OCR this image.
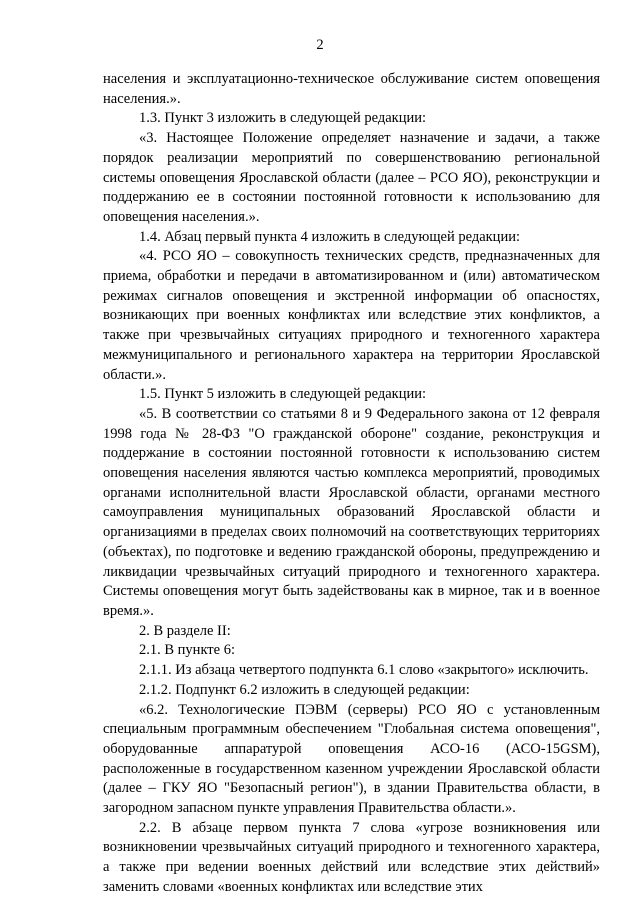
2

населения и эксплуатационно-техническое обслуживание систем оповещения населения.».

1.3. Пункт 3 изложить в следующей редакции:

«3. Настоящее Положение определяет назначение и задачи, а также порядок реализации мероприятий по совершенствованию региональной системы оповещения Ярославской области (далее – РСО ЯО), реконструкции и поддержанию ее в состоянии постоянной готовности к использованию для оповещения населения.».

1.4. Абзац первый пункта 4 изложить в следующей редакции:

«4. РСО ЯО – совокупность технических средств, предназначенных для приема, обработки и передачи в автоматизированном и (или) автоматическом режимах сигналов оповещения и экстренной информации об опасностях, возникающих при военных конфликтах или вследствие этих конфликтов, а также при чрезвычайных ситуациях природного и техногенного характера межмуниципального и регионального характера на территории Ярославской области.».

1.5. Пункт 5 изложить в следующей редакции:

«5. В соответствии со статьями 8 и 9 Федерального закона от 12 февраля 1998 года № 28-ФЗ "О гражданской обороне" создание, реконструкция и поддержание в состоянии постоянной готовности к использованию систем оповещения населения являются частью комплекса мероприятий, проводимых органами исполнительной власти Ярославской области, органами местного самоуправления муниципальных образований Ярославской области и организациями в пределах своих полномочий на соответствующих территориях (объектах), по подготовке и ведению гражданской обороны, предупреждению и ликвидации чрезвычайных ситуаций природного и техногенного характера. Системы оповещения могут быть задействованы как в мирное, так и в военное время.».

2. В разделе II:

2.1. В пункте 6:

2.1.1. Из абзаца четвертого подпункта 6.1 слово «закрытого» исключить.

2.1.2. Подпункт 6.2 изложить в следующей редакции:

«6.2. Технологические ПЭВМ (серверы) РСО ЯО с установленным специальным программным обеспечением "Глобальная система оповещения", оборудованные аппаратурой оповещения АСО-16 (АСО-15GSM), расположенные в государственном казенном учреждении Ярославской области (далее – ГКУ ЯО "Безопасный регион"), в здании Правительства области, в загородном запасном пункте управления Правительства области.».

2.2. В абзаце первом пункта 7 слова «угрозе возникновения или возникновении чрезвычайных ситуаций природного и техногенного характера, а также при ведении военных действий или вследствие этих действий» заменить словами «военных конфликтах или вследствие этих
